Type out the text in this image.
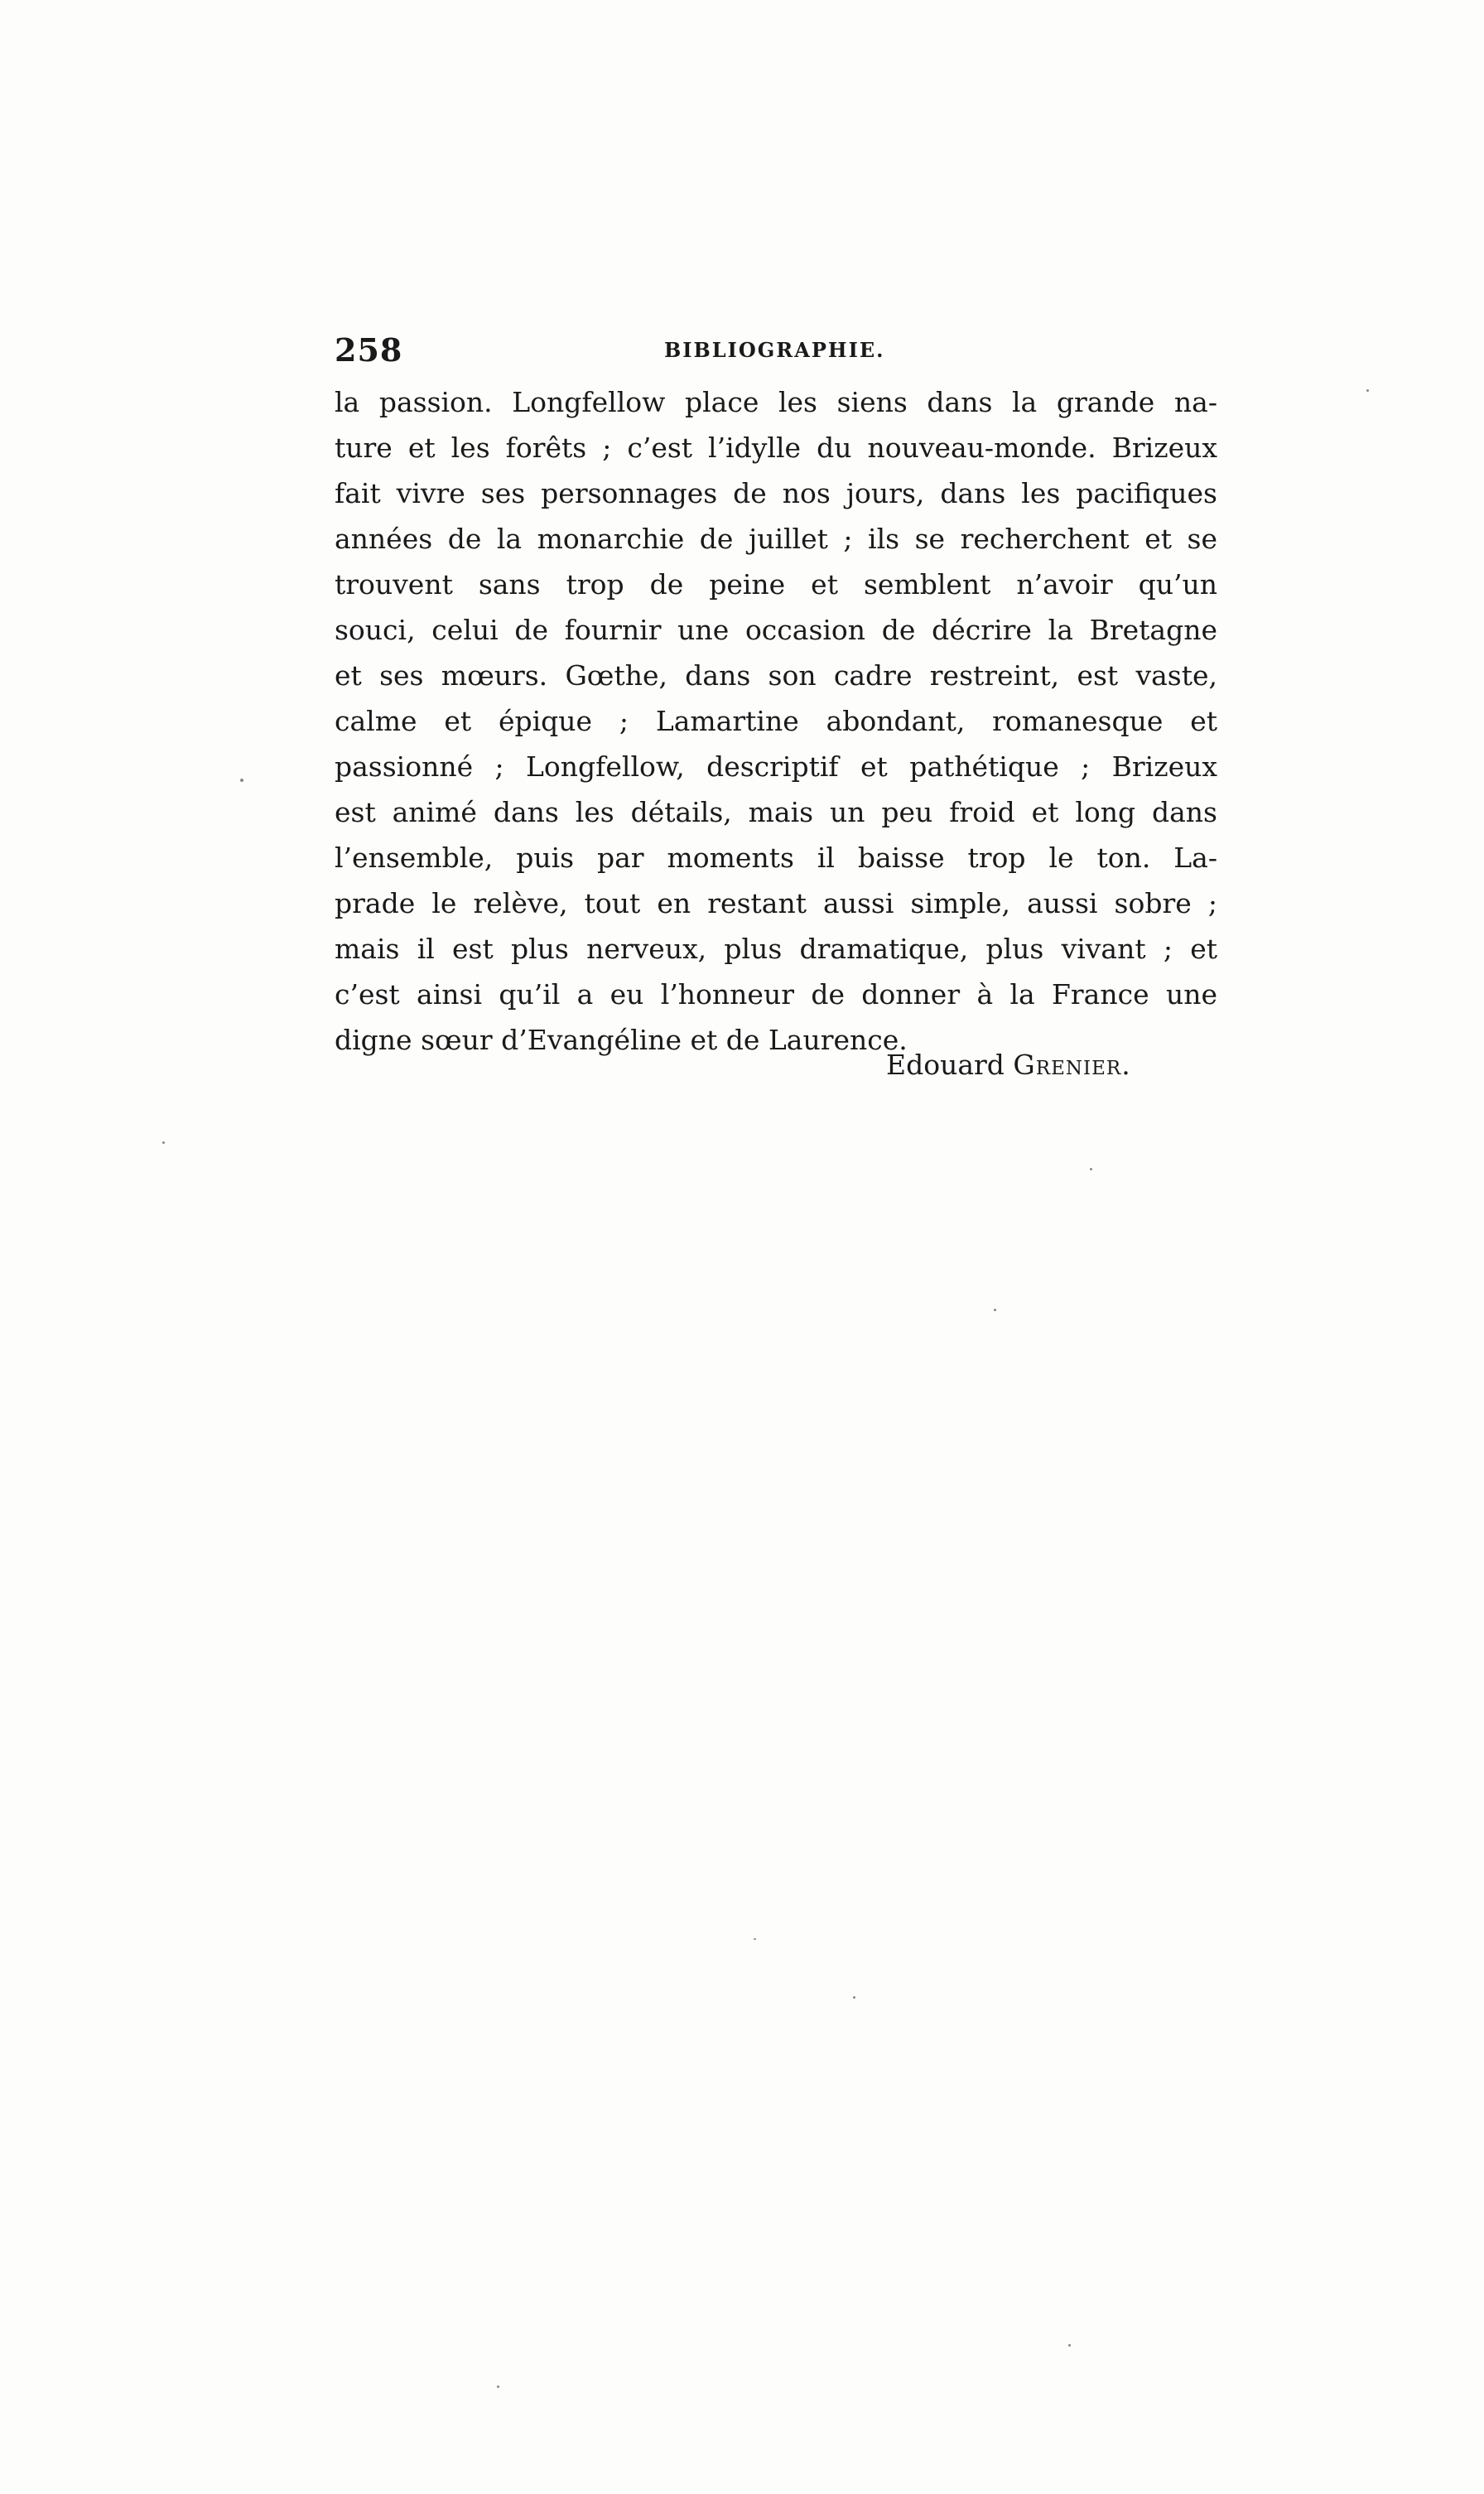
258	BIBLIOGRAPHIE.
la passion. Longfellow place les siens dans la grande na-
ture et les forêts ; c’est l’idylle du nouveau-monde. Brizeux
fait vivre ses personnages de nos jours, dans les pacifiques
années de la monarchie de juillet ; ils se recherchent et se
trouvent sans trop de peine et semblent n’avoir qu’un
souci, celui de fournir une occasion de décrire la Bretagne
et ses mœurs. Gœthe, dans son cadre restreint, est vaste,
calme et épique ; Lamartine abondant, romanesque et
passionné ; Longfellow, descriptif et pathétique ; Brizeux
est animé dans les détails, mais un peu froid et long dans
l’ensemble, puis par moments il baisse trop le ton. La-
prade le relève, tout en restant aussi simple, aussi sobre ;
mais il est plus nerveux, plus dramatique, plus vivant ; et
c’est ainsi qu’il a eu l’honneur de donner à la France une
digne sœur d’Evangéline et de Laurence.
Edouard Grenier.
